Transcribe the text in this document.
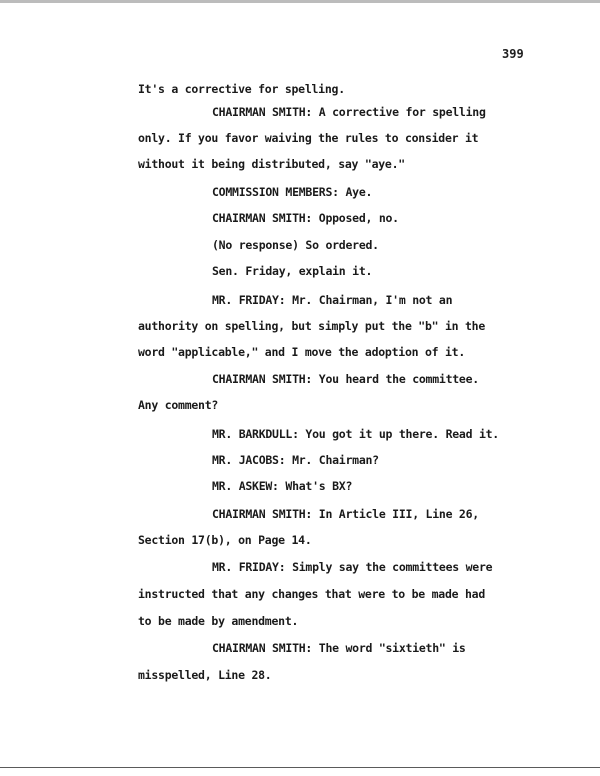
399
It's a corrective for spelling.
CHAIRMAN SMITH: A corrective for spelling
only. If you favor waiving the rules to consider it
without it being distributed, say "aye."
COMMISSION MEMBERS: Aye.
CHAIRMAN SMITH: Opposed, no.
(No response) So ordered.
Sen. Friday, explain it.
MR. FRIDAY: Mr. Chairman, I'm not an
authority on spelling, but simply put the "b" in the
word "applicable," and I move the adoption of it.
CHAIRMAN SMITH: You heard the committee.
Any comment?
MR. BARKDULL: You got it up there. Read it.
MR. JACOBS: Mr. Chairman?
MR. ASKEW: What's BX?
CHAIRMAN SMITH: In Article III, Line 26,
Section 17(b), on Page 14.
MR. FRIDAY: Simply say the committees were
instructed that any changes that were to be made had
to be made by amendment.
CHAIRMAN SMITH: The word "sixtieth" is
misspelled, Line 28.
